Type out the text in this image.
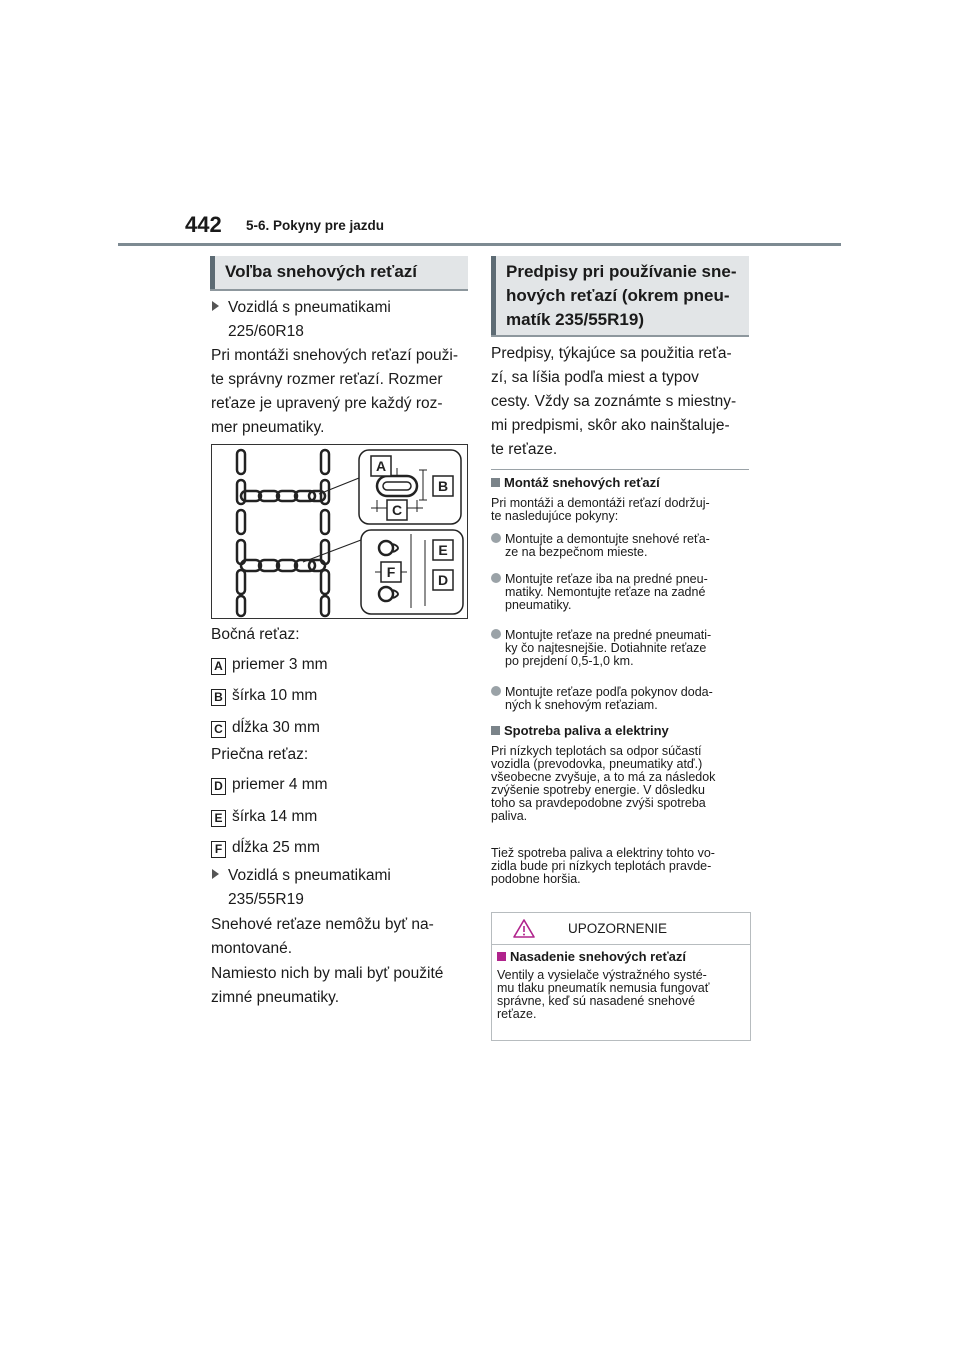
442 5-6. Pokyny pre jazdu
Voľba snehových reťazí
Vozidlá s pneumatikami
225/60R18
Pri montáži snehových reťazí použi-
te správny rozmer reťazí. Rozmer
reťaze je upravený pre každý roz-
mer pneumatiky.
A
B
C
E
F	D
Bočná reťaz:
A priemer 3 mm
B šírka 10 mm
C dĺžka 30 mm
Priečna reťaz:
D priemer 4 mm
E šírka 14 mm
F dĺžka 25 mm
Vozidlá s pneumatikami
235/55R19
Snehové reťaze nemôžu byť na-
montované.
Namiesto nich by mali byť použité
zimné pneumatiky.
Predpisy pri používanie sne-
hových reťazí (okrem pneu-
matík 235/55R19)
Predpisy, týkajúce sa použitia reťa-
zí, sa líšia podľa miest a typov
cesty. Vždy sa zoznámte s miestny-
mi predpismi, skôr ako nainštaluje-
te reťaze.
Montáž snehových reťazí
Pri montáži a demontáži reťazí dodržuj-
te nasledujúce pokyny:
Montujte a demontujte snehové reťa-
ze na bezpečnom mieste.
Montujte reťaze iba na predné pneu-
matiky. Nemontujte reťaze na zadné
pneumatiky.
Montujte reťaze na predné pneumati-
ky čo najtesnejšie. Dotiahnite reťaze
po prejdení 0,5-1,0 km.
Montujte reťaze podľa pokynov doda-
ných k snehovým reťaziam.
Spotreba paliva a elektriny
Pri nízkych teplotách sa odpor súčastí
vozidla (prevodovka, pneumatiky atď.)
všeobecne zvyšuje, a to má za následok
zvýšenie spotreby energie. V dôsledku
toho sa pravdepodobne zvýši spotreba
paliva.
Tiež spotreba paliva a elektriny tohto vo-
zidla bude pri nízkych teplotách pravde-
podobne horšia.
UPOZORNENIE
Nasadenie snehových reťazí
Ventily a vysielače výstražného systé-
mu tlaku pneumatík nemusia fungovať
správne, keď sú nasadené snehové
reťaze.
